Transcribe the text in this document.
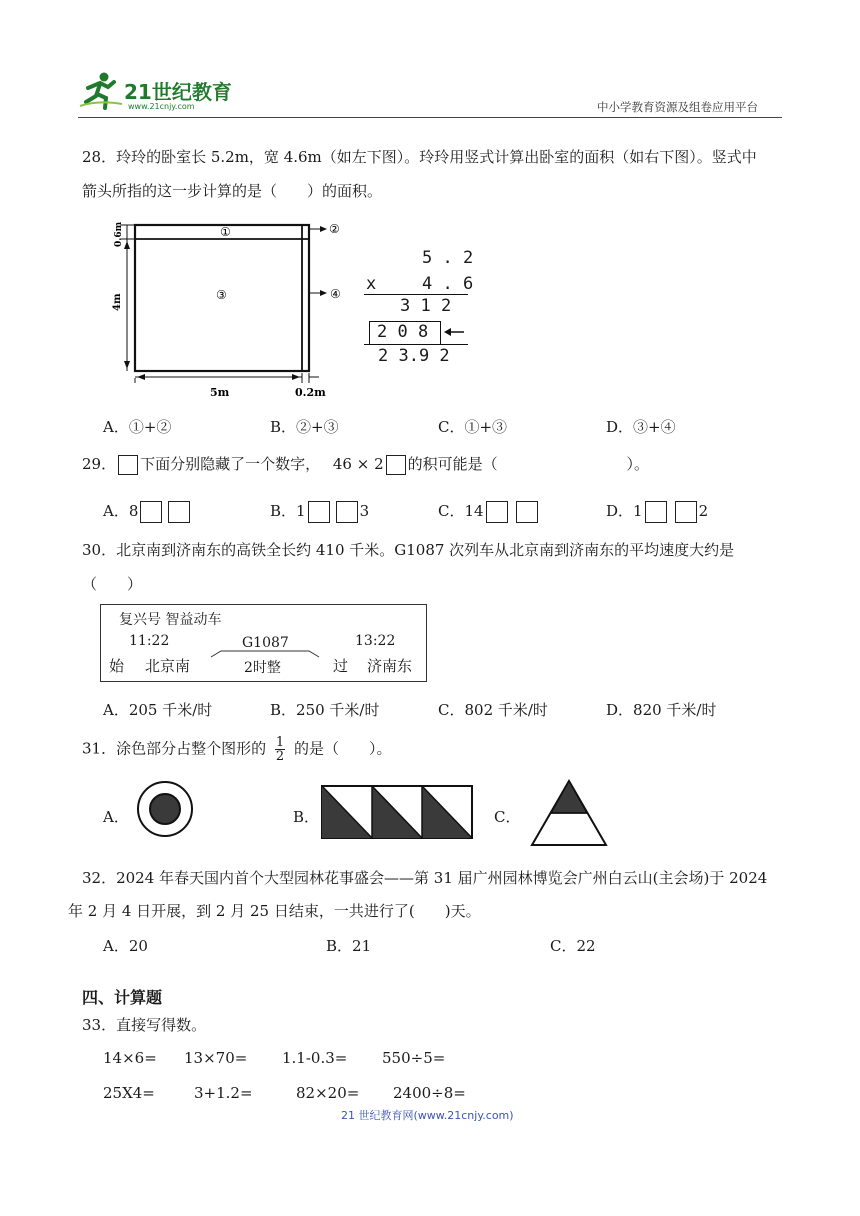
21世纪教育
www.21cnjy.com	中小学教育资源及组卷应用平台
28．玲玲的卧室长 5.2m，宽 4.6m（如左下图）。玲玲用竖式计算出卧室的面积（如右下图）。竖式中
箭头所指的这一步计算的是（　　）的面积。
0.6m
4m
5m	0.2m
①	②
③	④
5 . 2
x	4 . 6
3 1 2
2 0 8
2 3.9 2
A．①+②	B．②+③	C．①+③	D．③+④
29． 下面分别隐藏了一个数字， 46 × 2 的积可能是（	）。
A．8	B．1	3	C．14	D．1	2
30．北京南到济南东的高铁全长约 410 千米。G1087 次列车从北京南到济南东的平均速度大约是
（　　）
复兴号 智益动车
11:22	G1087	13:22
始 北京南	2时整	过 济南东
A．205 千米/时	B．250 千米/时	C．802 千米/时	D．820 千米/时
31．涂色部分占整个图形的 $\frac{1}{2}$ 的是（　　）。
A．	B．	C．
32．2024 年春天国内首个大型园林花事盛会——第 31 届广州园林博览会广州白云山(主会场)于 2024
年 2 月 4 日开展，到 2 月 25 日结束，一共进行了(　　)天。
A．20	B．21	C．22
四、计算题
33．直接写得数。
14×6= 13×70= 1.1-0.3= 550÷5=
25X4=	3+1.2=	82×20= 2400÷8=
21 世纪教育网(www.21cnjy.com)
